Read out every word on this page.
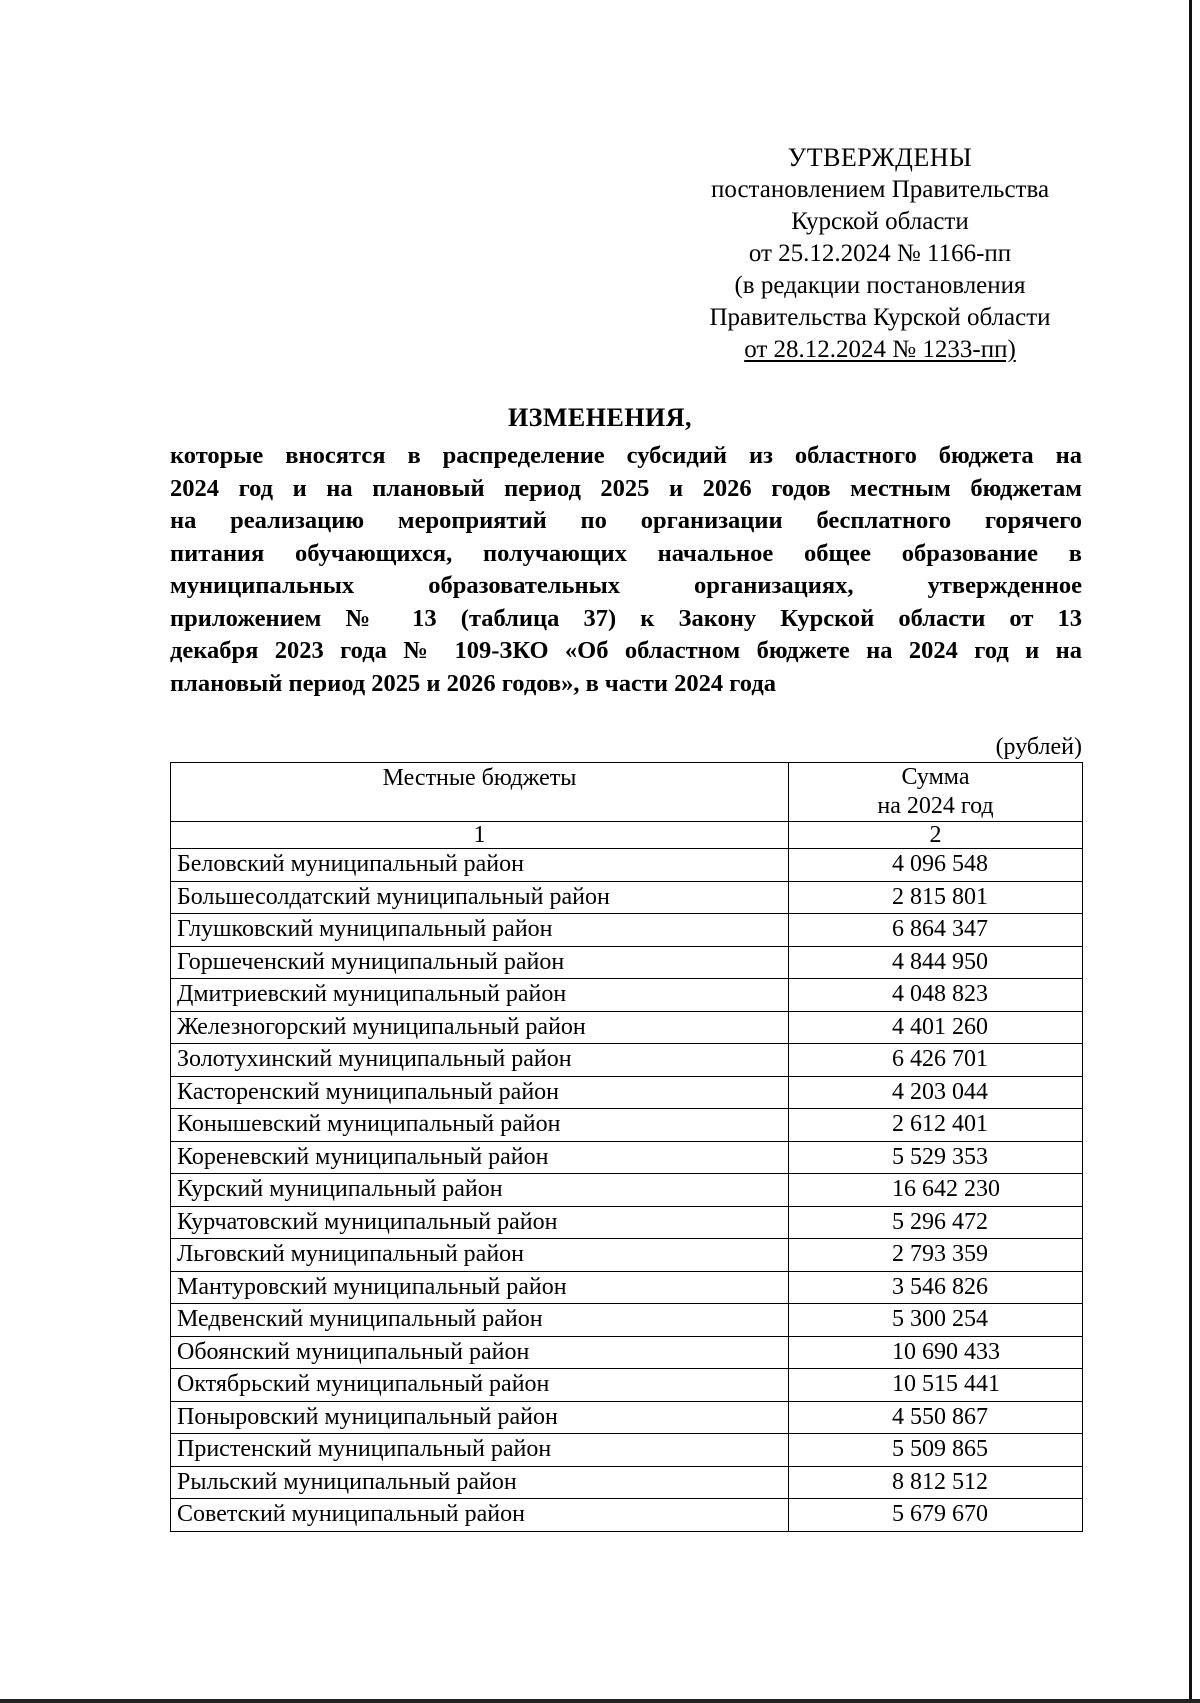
УТВЕРЖДЕНЫ
постановлением Правительства
Курской области
от 25.12.2024 № 1166-пп
(в редакции постановления
Правительства Курской области
от 28.12.2024 № 1233-пп)
ИЗМЕНЕНИЯ,
которые вносятся в распределение субсидий из областного бюджета на
2024 год и на плановый период 2025 и 2026 годов местным бюджетам
на реализацию мероприятий по организации бесплатного горячего
питания обучающихся, получающих начальное общее образование в
муниципальных образовательных организациях, утвержденное
приложением № 13 (таблица 37) к Закону Курской области от 13
декабря 2023 года № 109-ЗКО «Об областном бюджете на 2024 год и на
плановый период 2025 и 2026 годов», в части 2024 года
(рублей)
Местные бюджеты	Сумма
на 2024 год
1	2
Беловский муниципальный район	4 096 548
Большесолдатский муниципальный район	2 815 801
Глушковский муниципальный район	6 864 347
Горшеченский муниципальный район	4 844 950
Дмитриевский муниципальный район	4 048 823
Железногорский муниципальный район	4 401 260
Золотухинский муниципальный район	6 426 701
Касторенский муниципальный район	4 203 044
Конышевский муниципальный район	2 612 401
Кореневский муниципальный район	5 529 353
Курский муниципальный район	16 642 230
Курчатовский муниципальный район	5 296 472
Льговский муниципальный район	2 793 359
Мантуровский муниципальный район	3 546 826
Медвенский муниципальный район	5 300 254
Обоянский муниципальный район	10 690 433
Октябрьский муниципальный район	10 515 441
Поныровский муниципальный район	4 550 867
Пристенский муниципальный район	5 509 865
Рыльский муниципальный район	8 812 512
Советский муниципальный район	5 679 670
